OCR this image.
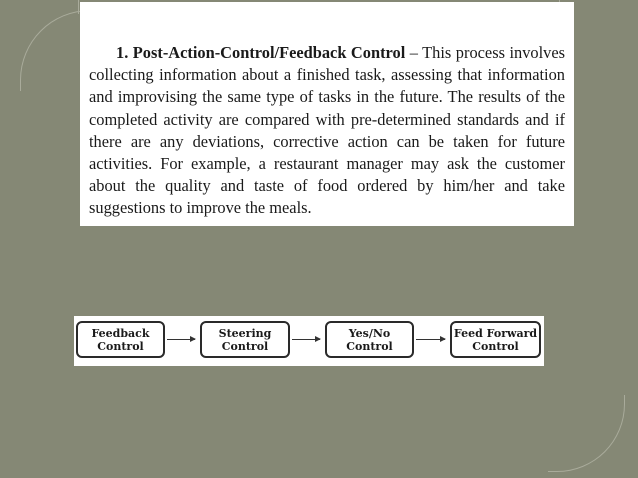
1. Post-Action-Control/Feedback Control – This process involves collecting information about a finished task, assessing that information and improvising the same type of tasks in the future. The results of the completed activity are compared with pre-determined standards and if there are any deviations, corrective action can be taken for future activities. For example, a restaurant manager may ask the customer about the quality and taste of food ordered by him/her and take suggestions to improve the meals.

Feedback
Control
Steering
Control
Yes/No
Control
Feed Forward
Control
